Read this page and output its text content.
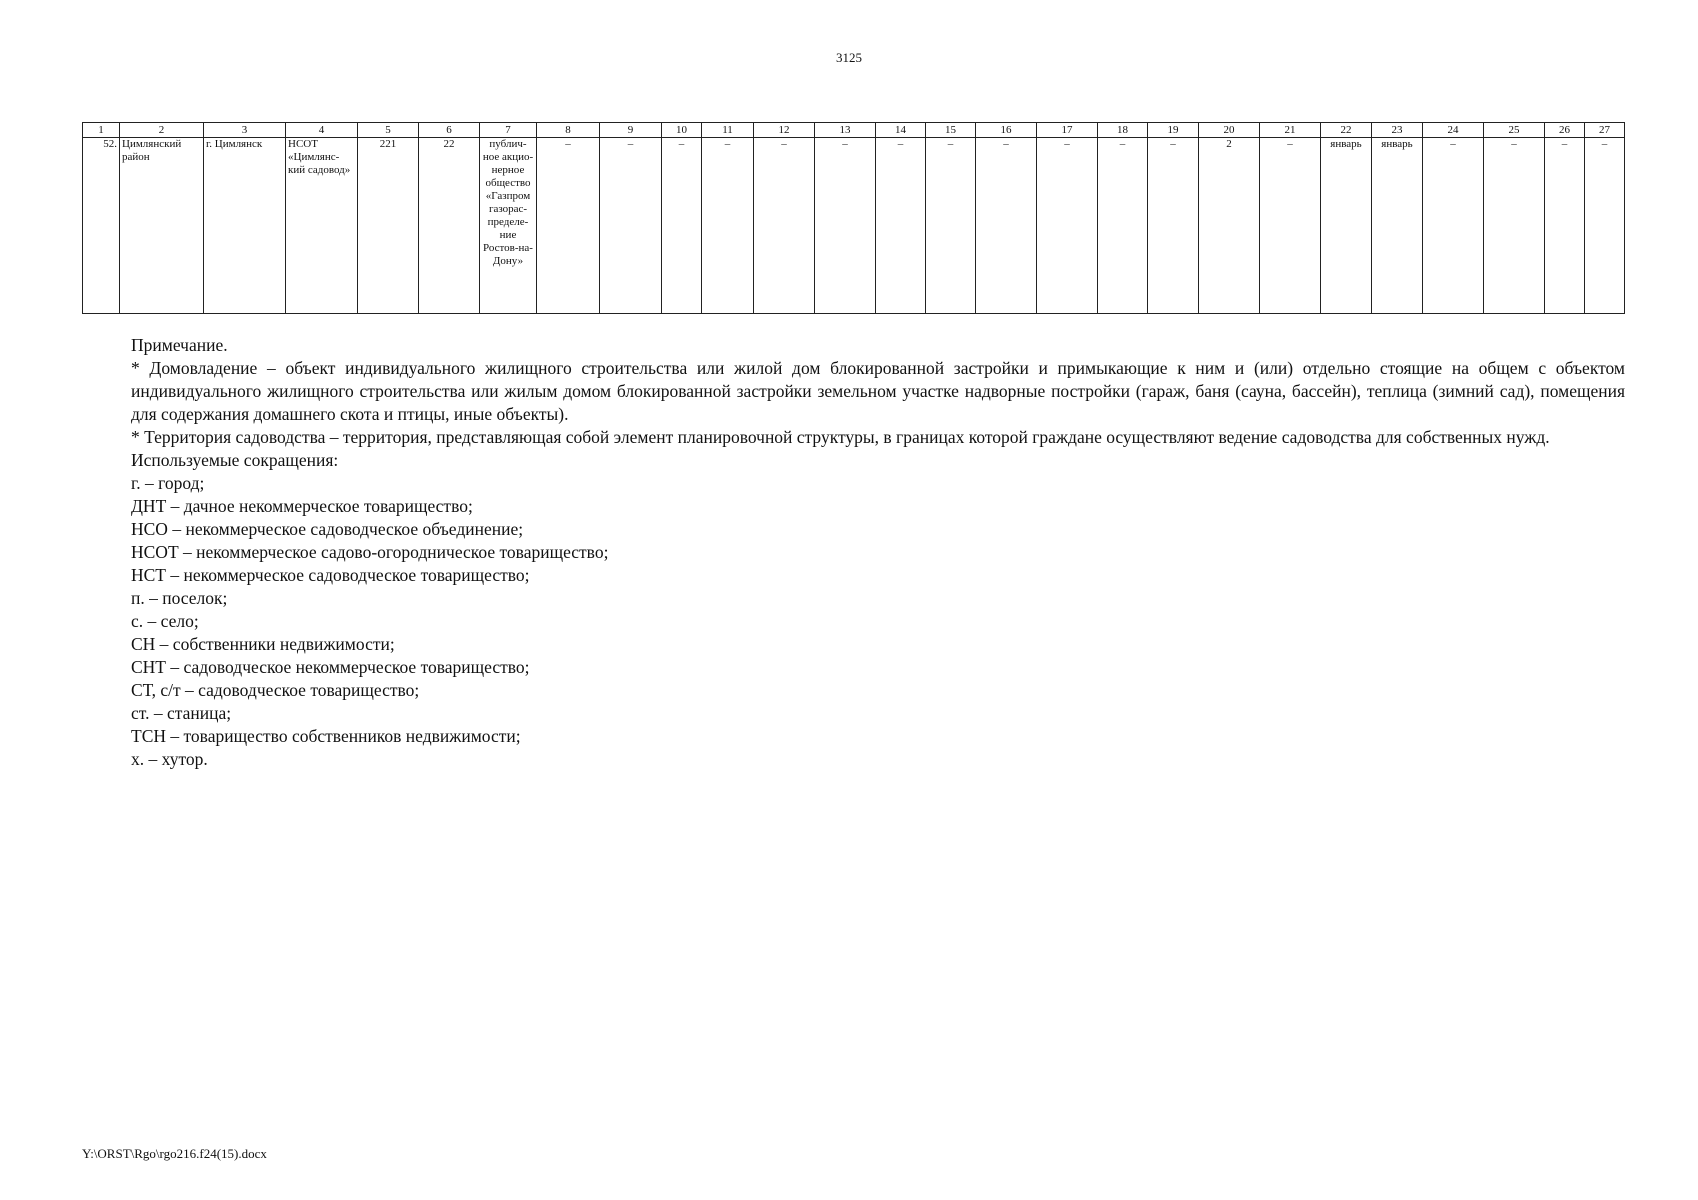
3125
1	2	3	4	5	6	7	8	9	10	11	12	13	14	15	16	17	18	19	20	21	22	23	24	25	26	27
52.	Цимлянский район	г. Цимлянск	НСОТ «Цимлянс-кий садовод»	221	22	публич-ное акцио-нерное общество «Газпром газорас-пределе-ние Ростов-на-Дону»	–	–	–	–	–	–	–	–	–	–	–	–	2	–	январь	январь	–	–	–	–

Примечание.

* Домовладение – объект индивидуального жилищного строительства или жилой дом блокированной застройки и примыкающие к ним и (или) отдельно стоящие на общем с объектом индивидуального жилищного строительства или жилым домом блокированной застройки земельном участке надворные постройки (гараж, баня (сауна, бассейн), теплица (зимний сад), помещения для содержания домашнего скота и птицы, иные объекты).

* Территория садоводства – территория, представляющая собой элемент планировочной структуры, в границах которой граждане осуществляют ведение садоводства для собственных нужд.

Используемые сокращения:

г. – город;

ДНТ – дачное некоммерческое товарищество;

НСО – некоммерческое садоводческое объединение;

НСОТ – некоммерческое садово-огородническое товарищество;

НСТ – некоммерческое садоводческое товарищество;

п. – поселок;

с. – село;

СН – собственники недвижимости;

СНТ – садоводческое некоммерческое товарищество;

СТ, с/т – садоводческое товарищество;

ст. – станица;

ТСН – товарищество собственников недвижимости;

х. – хутор.

Y:\ORST\Rgo\rgo216.f24(15).docx
